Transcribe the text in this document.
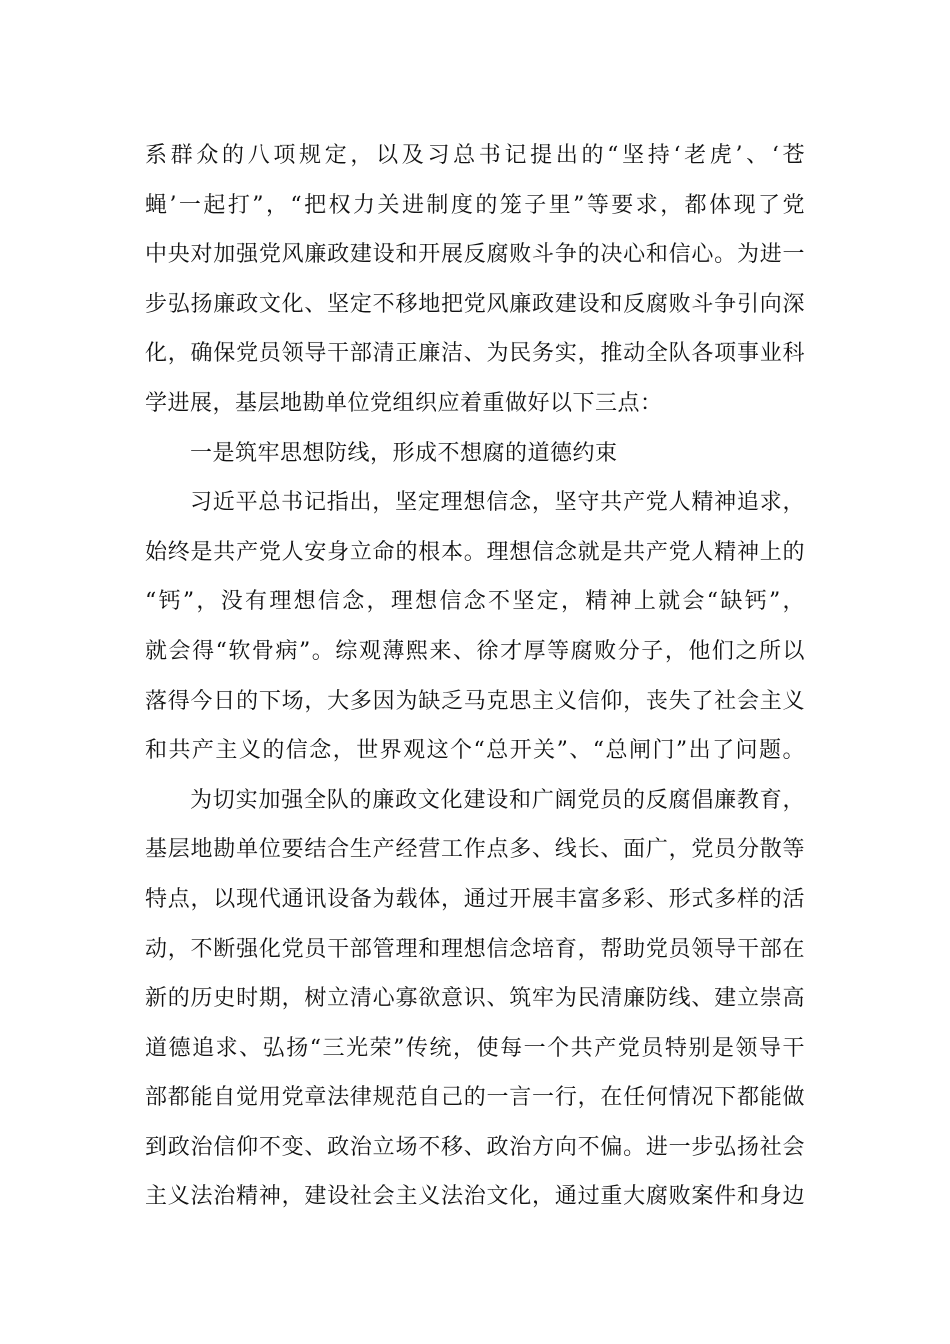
系群众的八项规定，以及习总书记提出的“坚持‘老虎’、‘苍
蝇’一起打”，“把权力关进制度的笼子里”等要求，都体现了党
中央对加强党风廉政建设和开展反腐败斗争的决心和信心。为进一
步弘扬廉政文化、坚定不移地把党风廉政建设和反腐败斗争引向深
化，确保党员领导干部清正廉洁、为民务实，推动全队各项事业科
学进展，基层地勘单位党组织应着重做好以下三点：
一是筑牢思想防线，形成不想腐的道德约束
习近平总书记指出，坚定理想信念，坚守共产党人精神追求，
始终是共产党人安身立命的根本。理想信念就是共产党人精神上的
“钙”，没有理想信念，理想信念不坚定，精神上就会“缺钙”，
就会得“软骨病”。综观薄熙来、徐才厚等腐败分子，他们之所以
落得今日的下场，大多因为缺乏马克思主义信仰，丧失了社会主义
和共产主义的信念，世界观这个“总开关”、“总闸门”出了问题。
为切实加强全队的廉政文化建设和广阔党员的反腐倡廉教育，
基层地勘单位要结合生产经营工作点多、线长、面广，党员分散等
特点，以现代通讯设备为载体，通过开展丰富多彩、形式多样的活
动，不断强化党员干部管理和理想信念培育，帮助党员领导干部在
新的历史时期，树立清心寡欲意识、筑牢为民清廉防线、建立崇高
道德追求、弘扬“三光荣”传统，使每一个共产党员特别是领导干
部都能自觉用党章法律规范自己的一言一行，在任何情况下都能做
到政治信仰不变、政治立场不移、政治方向不偏。进一步弘扬社会
主义法治精神，建设社会主义法治文化，通过重大腐败案件和身边
